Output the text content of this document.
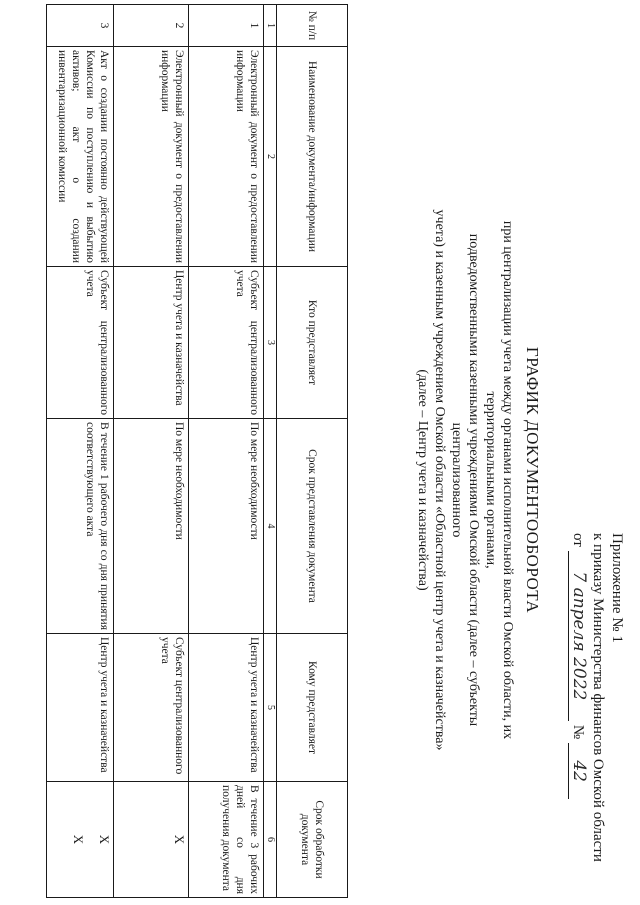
Приложение № 1
к приказу Министерства финансов Омской области
от
7 апреля 2022
№
42
ГРАФИК ДОКУМЕНТООБОРОТА
при централизации учета между органами исполнительной власти Омской области, их территориальными органами,
подведомственными казенными учреждениями Омской области (далее – субъекты централизованного
учета) и казенным учреждением Омской области «Областной центр учета и казначейства»
(далее – Центр учета и казначейства)
№ п/п	Наименование документа/информации	Кто представляет	Срок представления документа	Кому представляет	Срок обработки документа
1	2	3	4	5	6
1	Электронный документ о предоставлении информации	Субъект централизованного учета	По мере необходимости	Центр учета и казначейства	В течение 3 рабочих дней со дня получения документа
2	Электронный документ о предоставлении информации	Центр учета и казначейства	По мере необходимости	Субъект централизованного учета	X
3	Акт о создании постоянно действующей Комиссии по поступлению и выбытию активов; акт о создании инвентаризационной комиссии	Субъект централизованного учета	В течение 1 рабочего дня со дня принятия соответствующего акта	Центр учета и казначейства	X
X
